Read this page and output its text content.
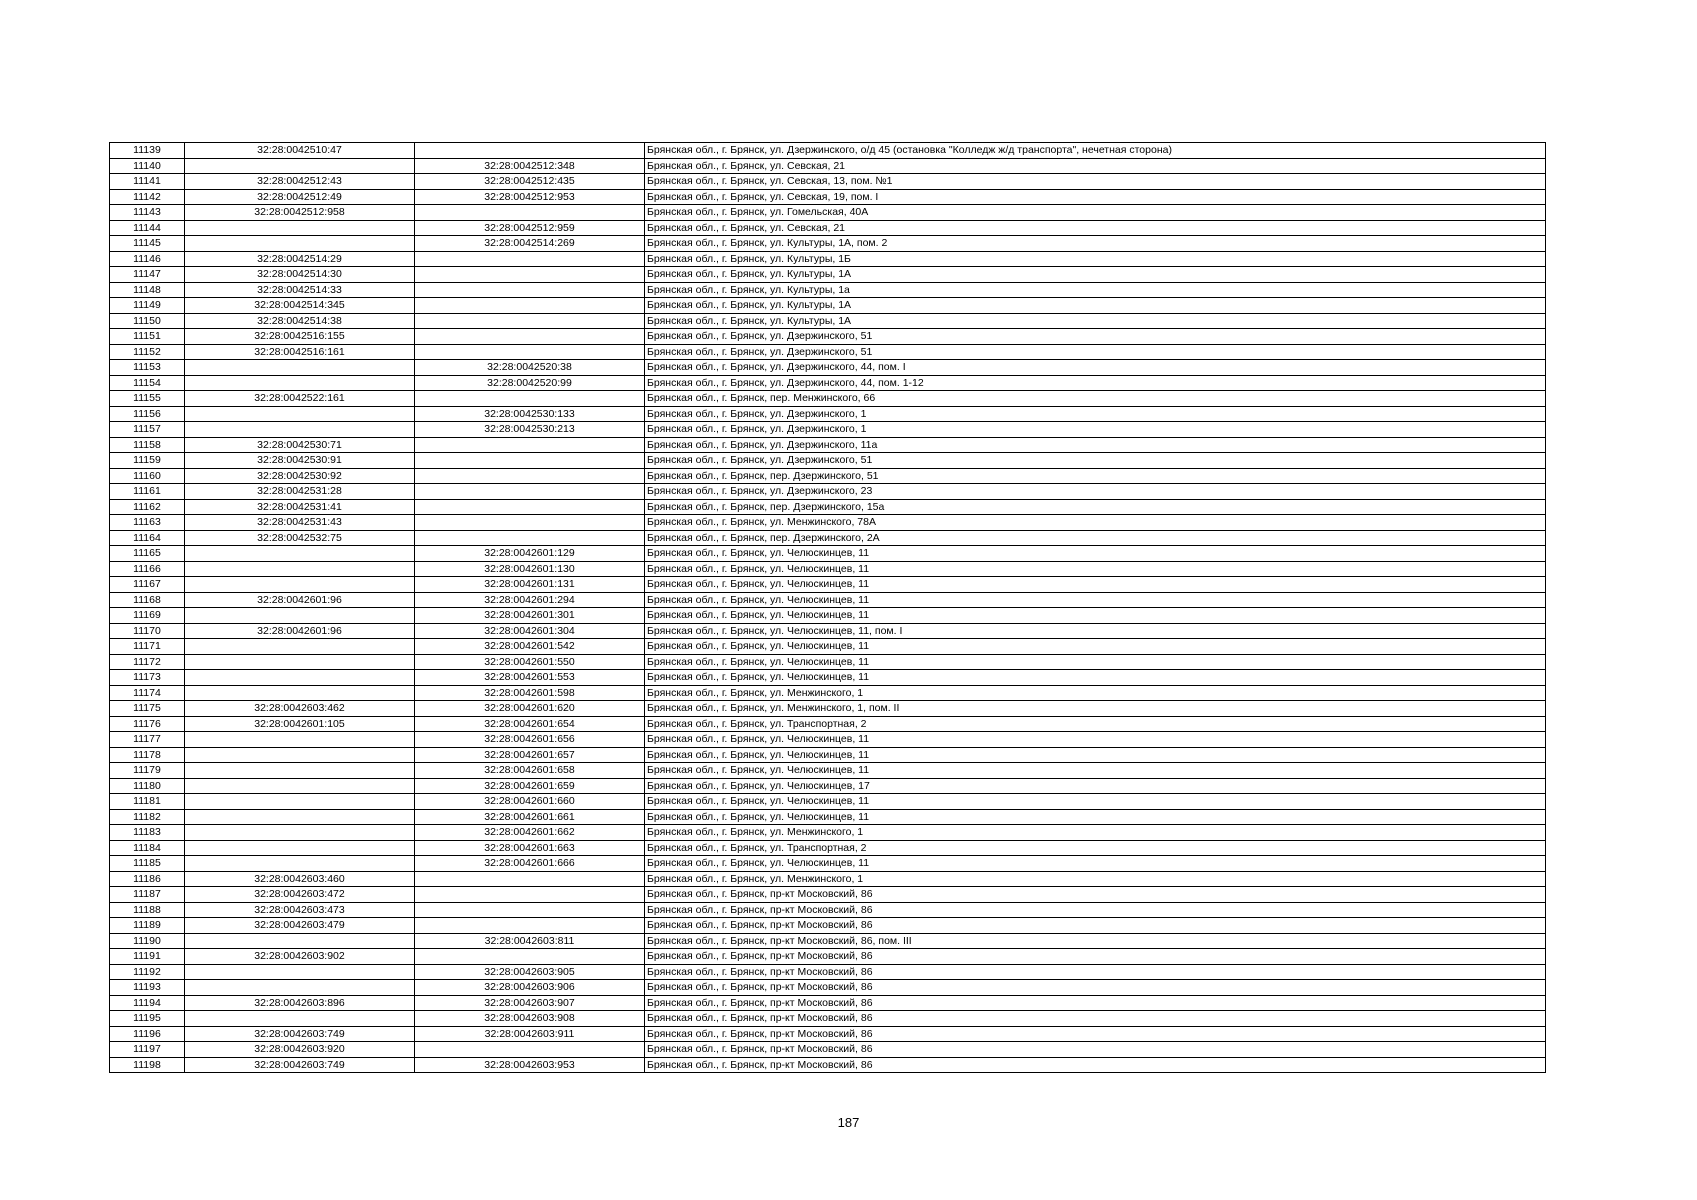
11139	32:28:0042510:47		Брянская обл., г. Брянск, ул. Дзержинского, о/д 45 (остановка "Колледж ж/д транспорта", нечетная сторона)
11140		32:28:0042512:348	Брянская обл., г. Брянск, ул. Севская, 21
11141	32:28:0042512:43	32:28:0042512:435	Брянская обл., г. Брянск, ул. Севская, 13, пом. №1
11142	32:28:0042512:49	32:28:0042512:953	Брянская обл., г. Брянск, ул. Севская, 19, пом. I
11143	32:28:0042512:958		Брянская обл., г. Брянск, ул. Гомельская, 40А
11144		32:28:0042512:959	Брянская обл., г. Брянск, ул. Севская, 21
11145		32:28:0042514:269	Брянская обл., г. Брянск, ул. Культуры, 1А, пом. 2
11146	32:28:0042514:29		Брянская обл., г. Брянск, ул. Культуры, 1Б
11147	32:28:0042514:30		Брянская обл., г. Брянск, ул. Культуры, 1А
11148	32:28:0042514:33		Брянская обл., г. Брянск, ул. Культуры, 1а
11149	32:28:0042514:345		Брянская обл., г. Брянск, ул. Культуры, 1А
11150	32:28:0042514:38		Брянская обл., г. Брянск, ул. Культуры, 1А
11151	32:28:0042516:155		Брянская обл., г. Брянск, ул. Дзержинского, 51
11152	32:28:0042516:161		Брянская обл., г. Брянск, ул. Дзержинского, 51
11153		32:28:0042520:38	Брянская обл., г. Брянск, ул. Дзержинского, 44, пом. I
11154		32:28:0042520:99	Брянская обл., г. Брянск, ул. Дзержинского, 44, пом. 1-12
11155	32:28:0042522:161		Брянская обл., г. Брянск, пер. Менжинского, 66
11156		32:28:0042530:133	Брянская обл., г. Брянск, ул. Дзержинского, 1
11157		32:28:0042530:213	Брянская обл., г. Брянск, ул. Дзержинского, 1
11158	32:28:0042530:71		Брянская обл., г. Брянск, ул. Дзержинского, 11а
11159	32:28:0042530:91		Брянская обл., г. Брянск, ул. Дзержинского, 51
11160	32:28:0042530:92		Брянская обл., г. Брянск, пер. Дзержинского, 51
11161	32:28:0042531:28		Брянская обл., г. Брянск, ул. Дзержинского, 23
11162	32:28:0042531:41		Брянская обл., г. Брянск, пер. Дзержинского, 15а
11163	32:28:0042531:43		Брянская обл., г. Брянск, ул. Менжинского, 78А
11164	32:28:0042532:75		Брянская обл., г. Брянск, пер. Дзержинского, 2А
11165		32:28:0042601:129	Брянская обл., г. Брянск, ул. Челюскинцев, 11
11166		32:28:0042601:130	Брянская обл., г. Брянск, ул. Челюскинцев, 11
11167		32:28:0042601:131	Брянская обл., г. Брянск, ул. Челюскинцев, 11
11168	32:28:0042601:96	32:28:0042601:294	Брянская обл., г. Брянск, ул. Челюскинцев, 11
11169		32:28:0042601:301	Брянская обл., г. Брянск, ул. Челюскинцев, 11
11170	32:28:0042601:96	32:28:0042601:304	Брянская обл., г. Брянск, ул. Челюскинцев, 11, пом. I
11171		32:28:0042601:542	Брянская обл., г. Брянск, ул. Челюскинцев, 11
11172		32:28:0042601:550	Брянская обл., г. Брянск, ул. Челюскинцев, 11
11173		32:28:0042601:553	Брянская обл., г. Брянск, ул. Челюскинцев, 11
11174		32:28:0042601:598	Брянская обл., г. Брянск, ул. Менжинского, 1
11175	32:28:0042603:462	32:28:0042601:620	Брянская обл., г. Брянск, ул. Менжинского, 1, пом. II
11176	32:28:0042601:105	32:28:0042601:654	Брянская обл., г. Брянск, ул. Транспортная, 2
11177		32:28:0042601:656	Брянская обл., г. Брянск, ул. Челюскинцев, 11
11178		32:28:0042601:657	Брянская обл., г. Брянск, ул. Челюскинцев, 11
11179		32:28:0042601:658	Брянская обл., г. Брянск, ул. Челюскинцев, 11
11180		32:28:0042601:659	Брянская обл., г. Брянск, ул. Челюскинцев, 17
11181		32:28:0042601:660	Брянская обл., г. Брянск, ул. Челюскинцев, 11
11182		32:28:0042601:661	Брянская обл., г. Брянск, ул. Челюскинцев, 11
11183		32:28:0042601:662	Брянская обл., г. Брянск, ул. Менжинского, 1
11184		32:28:0042601:663	Брянская обл., г. Брянск, ул. Транспортная, 2
11185		32:28:0042601:666	Брянская обл., г. Брянск, ул. Челюскинцев, 11
11186	32:28:0042603:460		Брянская обл., г. Брянск, ул. Менжинского, 1
11187	32:28:0042603:472		Брянская обл., г. Брянск, пр-кт Московский, 86
11188	32:28:0042603:473		Брянская обл., г. Брянск, пр-кт Московский, 86
11189	32:28:0042603:479		Брянская обл., г. Брянск, пр-кт Московский, 86
11190		32:28:0042603:811	Брянская обл., г. Брянск, пр-кт Московский, 86, пом. III
11191	32:28:0042603:902		Брянская обл., г. Брянск, пр-кт Московский, 86
11192		32:28:0042603:905	Брянская обл., г. Брянск, пр-кт Московский, 86
11193		32:28:0042603:906	Брянская обл., г. Брянск, пр-кт Московский, 86
11194	32:28:0042603:896	32:28:0042603:907	Брянская обл., г. Брянск, пр-кт Московский, 86
11195		32:28:0042603:908	Брянская обл., г. Брянск, пр-кт Московский, 86
11196	32:28:0042603:749	32:28:0042603:911	Брянская обл., г. Брянск, пр-кт Московский, 86
11197	32:28:0042603:920		Брянская обл., г. Брянск, пр-кт Московский, 86
11198	32:28:0042603:749	32:28:0042603:953	Брянская обл., г. Брянск, пр-кт Московский, 86
187
